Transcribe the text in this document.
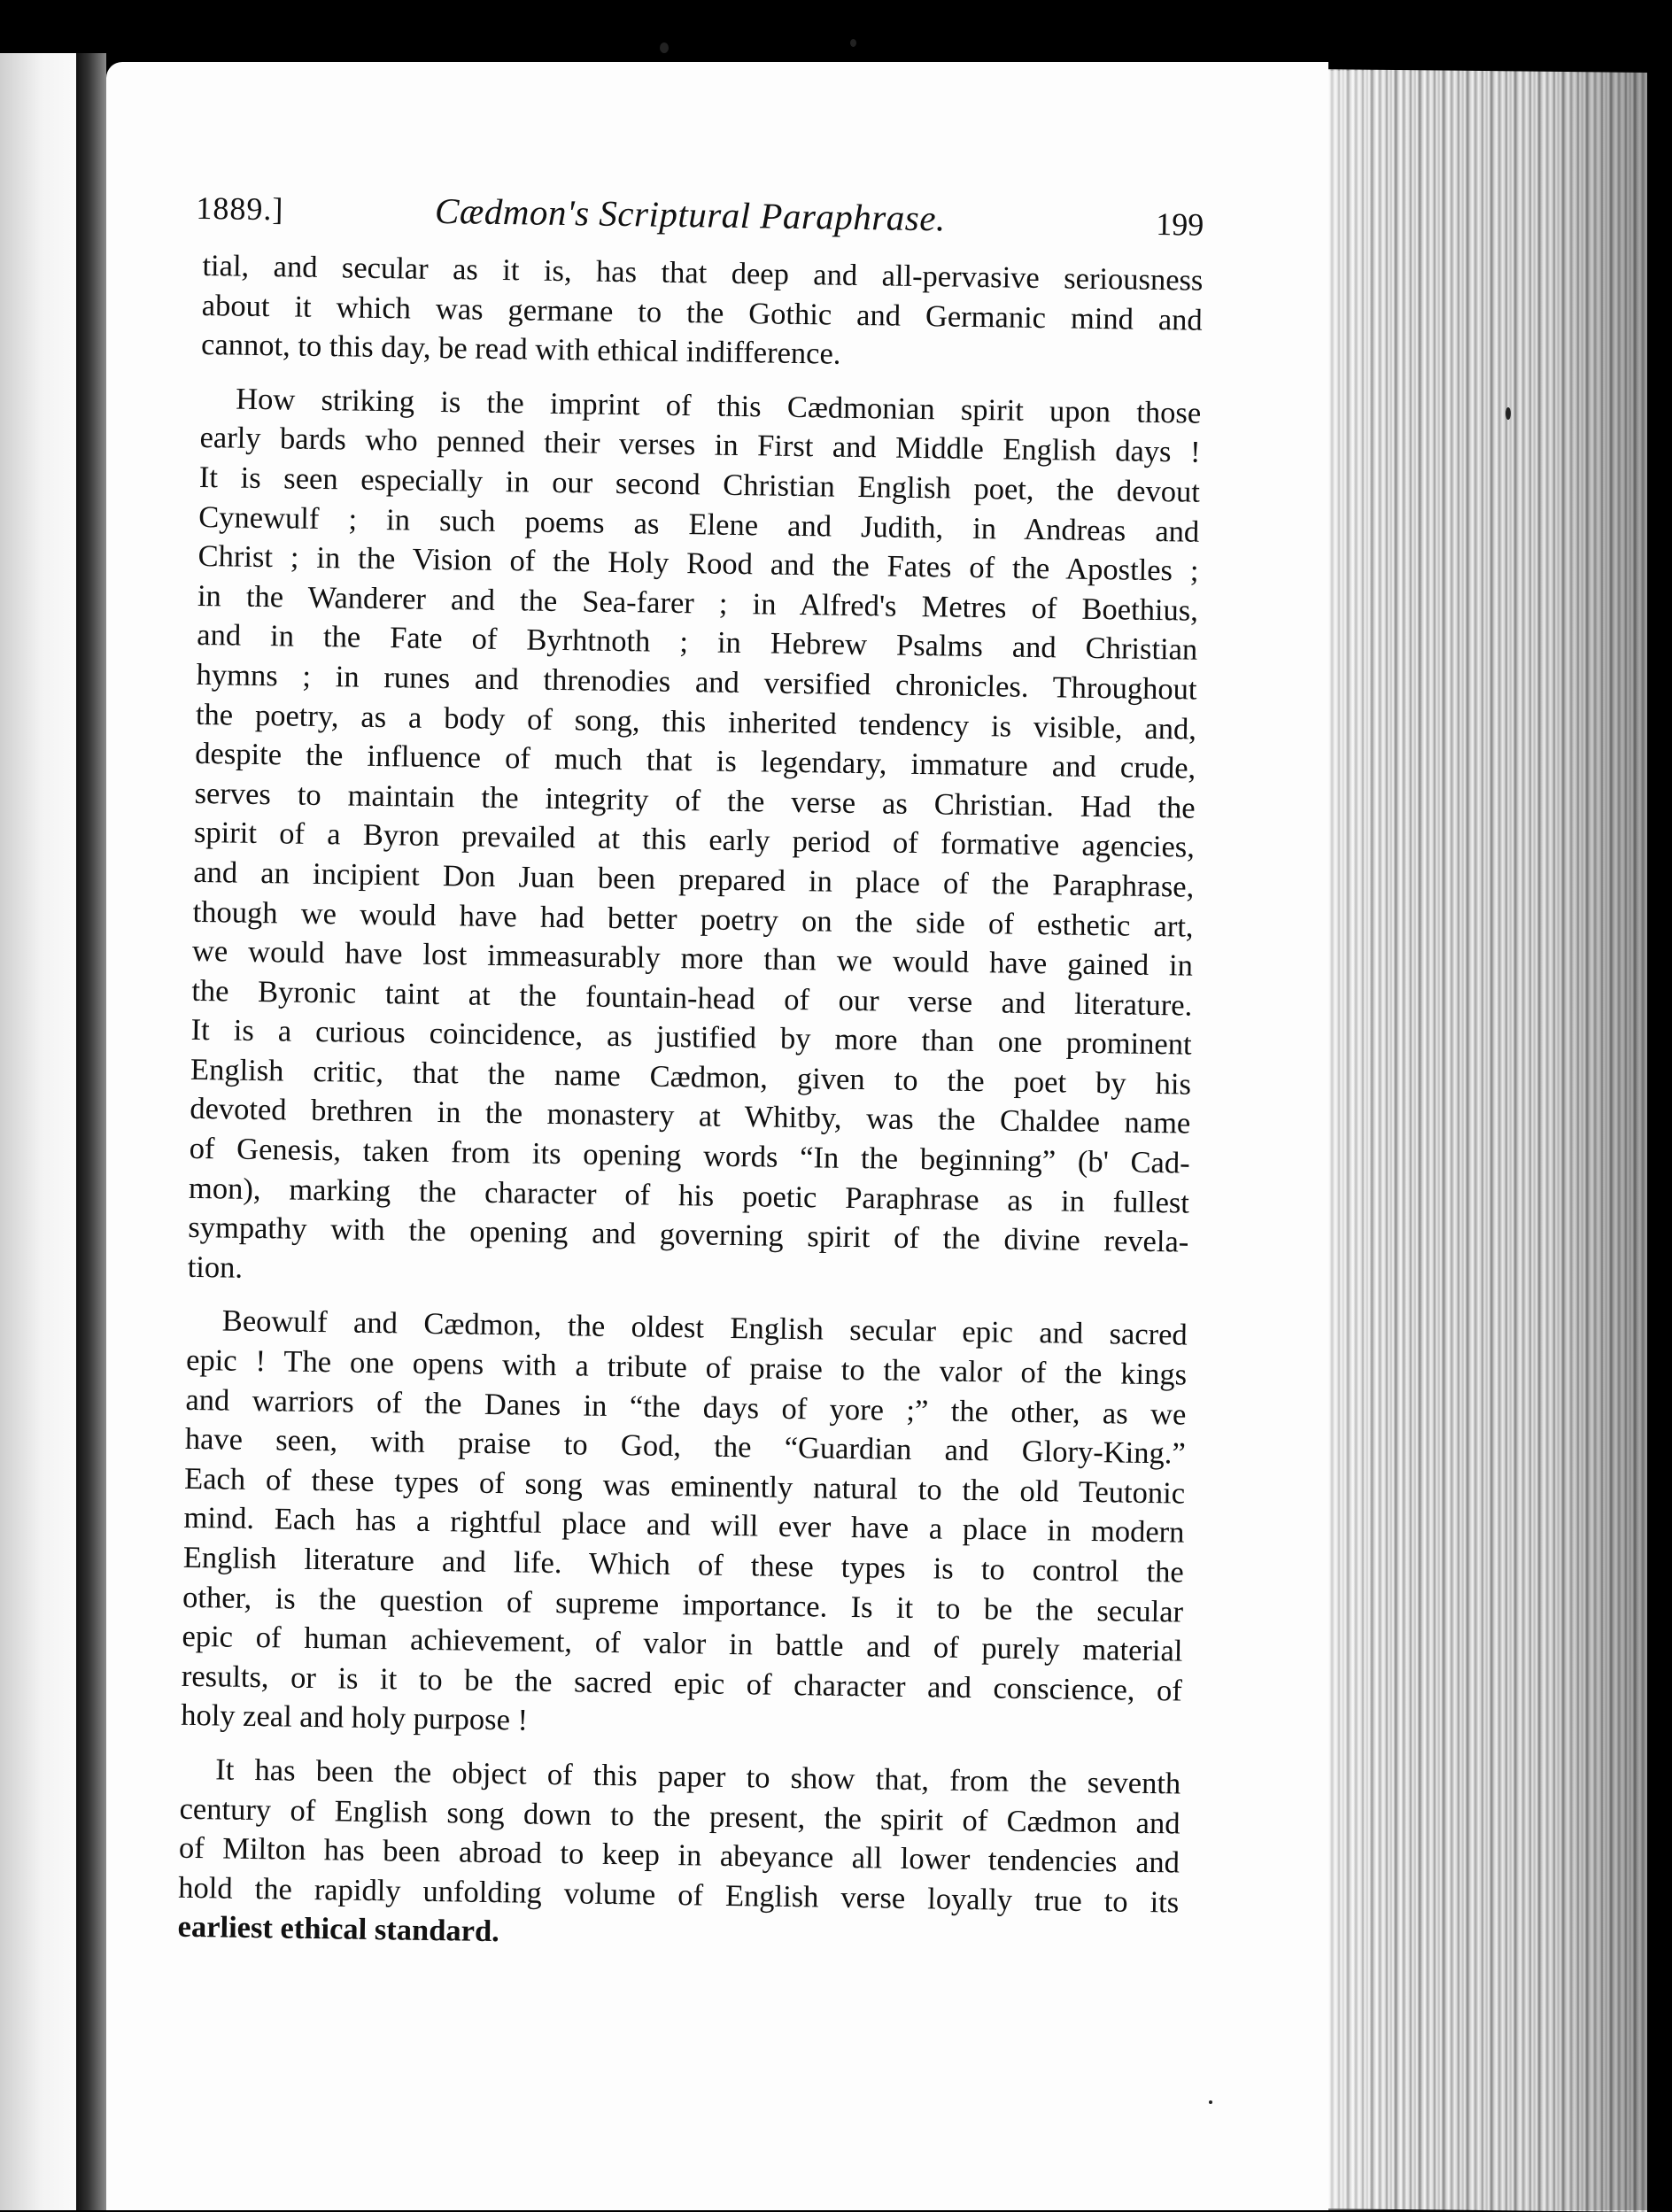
1889.]	Cædmon's Scriptural Paraphrase.	199
tial, and secular as it is, has that deep and all-pervasive seriousness
about it which was germane to the Gothic and Germanic mind and
cannot, to this day, be read with ethical indifference.
How striking is the imprint of this Cædmonian spirit upon those
early bards who penned their verses in First and Middle English days !
It is seen especially in our second Christian English poet, the devout
Cynewulf ; in such poems as Elene and Judith, in Andreas and
Christ ; in the Vision of the Holy Rood and the Fates of the Apostles ;
in the Wanderer and the Sea-farer ; in Alfred's Metres of Boethius,
and in the Fate of Byrhtnoth ; in Hebrew Psalms and Christian
hymns ; in runes and threnodies and versified chronicles. Throughout
the poetry, as a body of song, this inherited tendency is visible, and,
despite the influence of much that is legendary, immature and crude,
serves to maintain the integrity of the verse as Christian. Had the
spirit of a Byron prevailed at this early period of formative agencies,
and an incipient Don Juan been prepared in place of the Paraphrase,
though we would have had better poetry on the side of esthetic art,
we would have lost immeasurably more than we would have gained in
the Byronic taint at the fountain-head of our verse and literature.
It is a curious coincidence, as justified by more than one prominent
English critic, that the name Cædmon, given to the poet by his
devoted brethren in the monastery at Whitby, was the Chaldee name
of Genesis, taken from its opening words “In the beginning” (b' Cad-
mon), marking the character of his poetic Paraphrase as in fullest
sympathy with the opening and governing spirit of the divine revela-
tion.
Beowulf and Cædmon, the oldest English secular epic and sacred
epic ! The one opens with a tribute of praise to the valor of the kings
and warriors of the Danes in “the days of yore ;” the other, as we
have seen, with praise to God, the “Guardian and Glory-King.”
Each of these types of song was eminently natural to the old Teutonic
mind. Each has a rightful place and will ever have a place in modern
English literature and life. Which of these types is to control the
other, is the question of supreme importance. Is it to be the secular
epic of human achievement, of valor in battle and of purely material
results, or is it to be the sacred epic of character and conscience, of
holy zeal and holy purpose !
It has been the object of this paper to show that, from the seventh
century of English song down to the present, the spirit of Cædmon and
of Milton has been abroad to keep in abeyance all lower tendencies and
hold the rapidly unfolding volume of English verse loyally true to its
earliest ethical standard.
